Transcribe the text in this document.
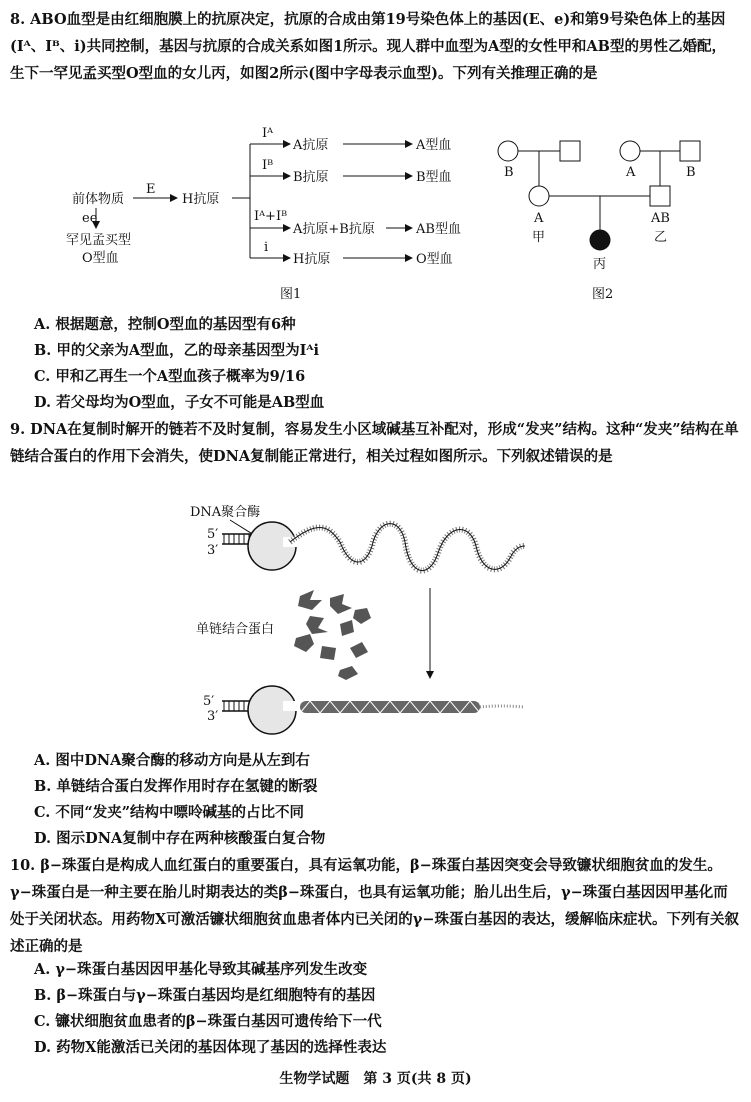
8. ABO血型是由红细胞膜上的抗原决定，抗原的合成由第19号染色体上的基因(E、e)和第9号染色体上的基因(Iᴬ、Iᴮ、i)共同控制，基因与抗原的合成关系如图1所示。现人群中血型为A型的女性甲和AB型的男性乙婚配，生下一罕见孟买型O型血的女儿丙，如图2所示(图中字母表示血型)。下列有关推理正确的是
前体物质
E
H抗原
ee
罕见孟买型
O型血
Iᴬ
Iᴮ
Iᴬ+Iᴮ
i
A抗原
B抗原
A抗原+B抗原
H抗原
A型血
B型血
AB型血
O型血
图1
B	A	B
A
甲
AB
乙
丙
图2
A. 根据题意，控制O型血的基因型有6种
B. 甲的父亲为A型血，乙的母亲基因型为Iᴬi
C. 甲和乙再生一个A型血孩子概率为9/16
D. 若父母均为O型血，子女不可能是AB型血
9. DNA在复制时解开的链若不及时复制，容易发生小区域碱基互补配对，形成“发夹”结构。这种“发夹”结构在单链结合蛋白的作用下会消失，使DNA复制能正常进行，相关过程如图所示。下列叙述错误的是
DNA聚合酶
5′
3′
单链结合蛋白
5′
3′
A. 图中DNA聚合酶的移动方向是从左到右
B. 单链结合蛋白发挥作用时存在氢键的断裂
C. 不同“发夹”结构中嘌呤碱基的占比不同
D. 图示DNA复制中存在两种核酸蛋白复合物
10. β−珠蛋白是构成人血红蛋白的重要蛋白，具有运氧功能，β−珠蛋白基因突变会导致镰状细胞贫血的发生。γ−珠蛋白是一种主要在胎儿时期表达的类β−珠蛋白，也具有运氧功能；胎儿出生后，γ−珠蛋白基因因甲基化而处于关闭状态。用药物X可激活镰状细胞贫血患者体内已关闭的γ−珠蛋白基因的表达，缓解临床症状。下列有关叙述正确的是
A. γ−珠蛋白基因因甲基化导致其碱基序列发生改变
B. β−珠蛋白与γ−珠蛋白基因均是红细胞特有的基因
C. 镰状细胞贫血患者的β−珠蛋白基因可遗传给下一代
D. 药物X能激活已关闭的基因体现了基因的选择性表达
生物学试题　第 3 页(共 8 页)
